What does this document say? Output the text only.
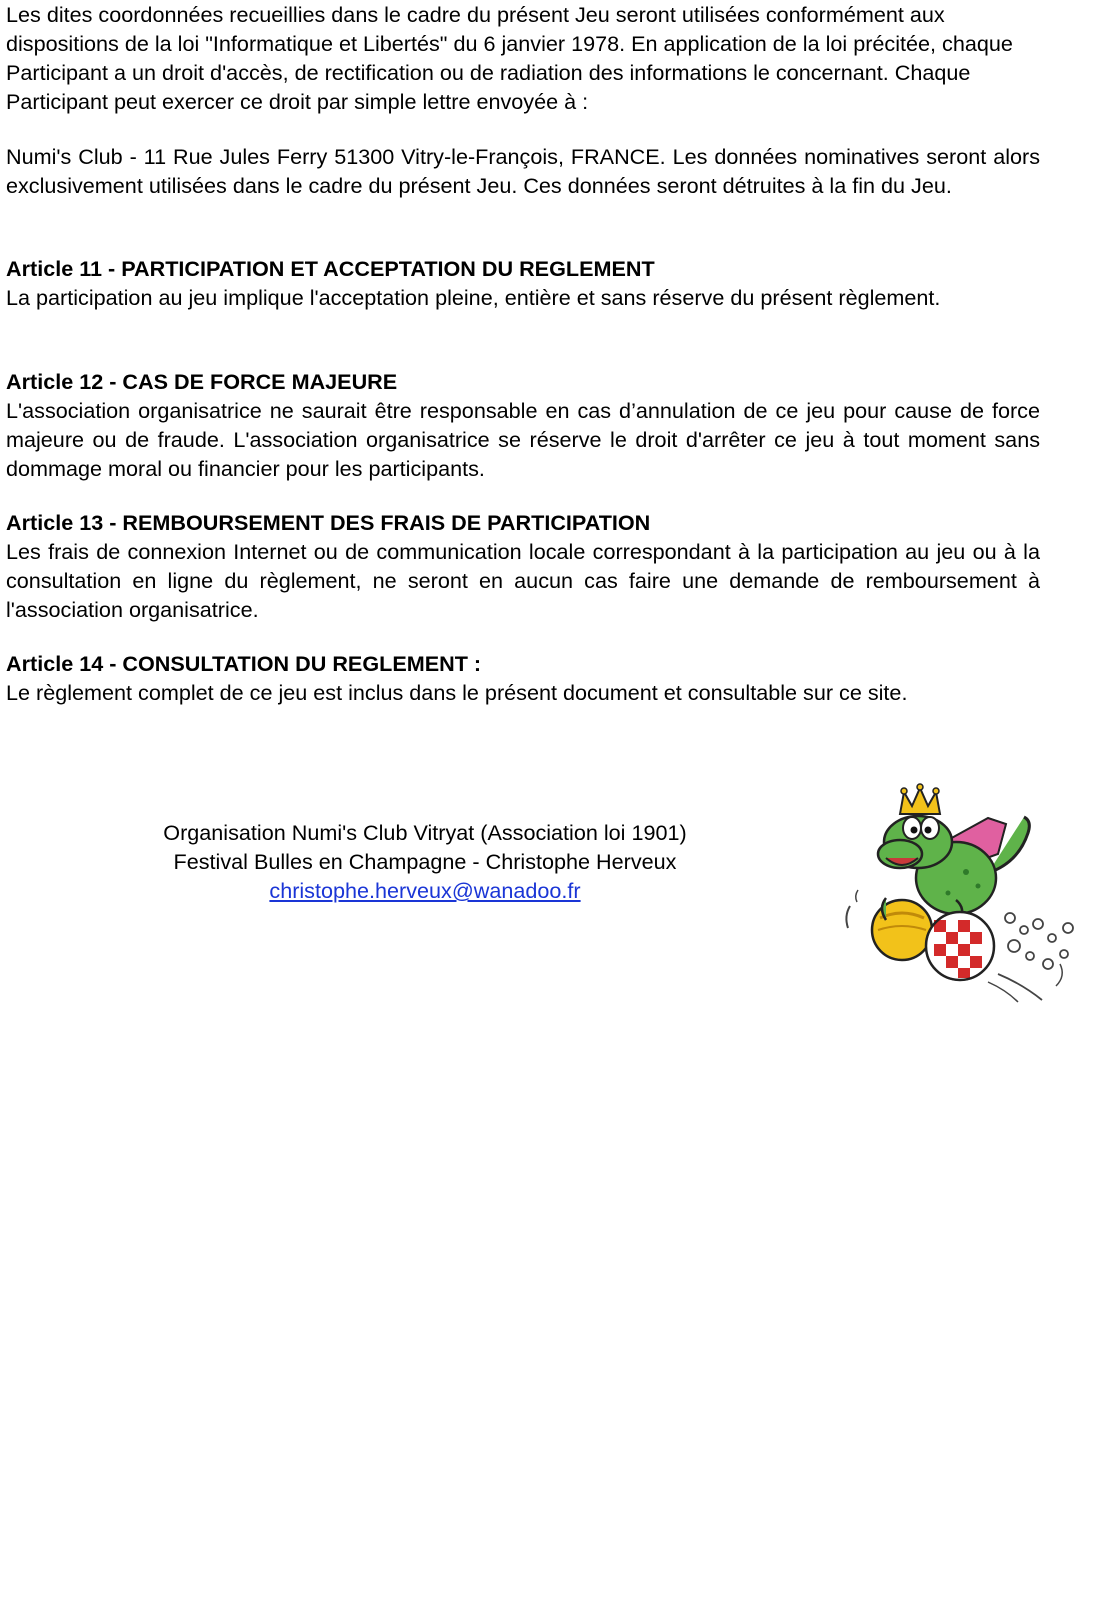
Les dites coordonnées recueillies dans le cadre du présent Jeu seront utilisées conformément aux dispositions de la loi "Informatique et Libertés" du 6 janvier 1978. En application de la loi précitée, chaque Participant a un droit d'accès, de rectification ou de radiation des informations le concernant. Chaque Participant peut exercer ce droit par simple lettre envoyée à :

Numi's Club - 11 Rue Jules Ferry 51300 Vitry-le-François, FRANCE. Les données nominatives seront alors exclusivement utilisées dans le cadre du présent Jeu. Ces données seront détruites à la fin du Jeu.

Article 11 - PARTICIPATION ET ACCEPTATION DU REGLEMENT

La participation au jeu implique l'acceptation pleine, entière et sans réserve du présent règlement.

Article 12 - CAS DE FORCE MAJEURE

L'association organisatrice ne saurait être responsable en cas d’annulation de ce jeu pour cause de force majeure ou de fraude. L'association organisatrice se réserve le droit d'arrêter ce jeu à tout moment sans dommage moral ou financier pour les participants.

Article 13 - REMBOURSEMENT DES FRAIS DE PARTICIPATION

Les frais de connexion Internet ou de communication locale correspondant à la participation au jeu ou à la consultation en ligne du règlement, ne seront en aucun cas faire une demande de remboursement à l'association organisatrice.

Article 14 - CONSULTATION DU REGLEMENT :

Le règlement complet de ce jeu est inclus dans le présent document et consultable sur ce site.

Organisation Numi's Club Vitryat (Association loi 1901)
Festival Bulles en Champagne - Christophe Herveux
christophe.herveux@wanadoo.fr
